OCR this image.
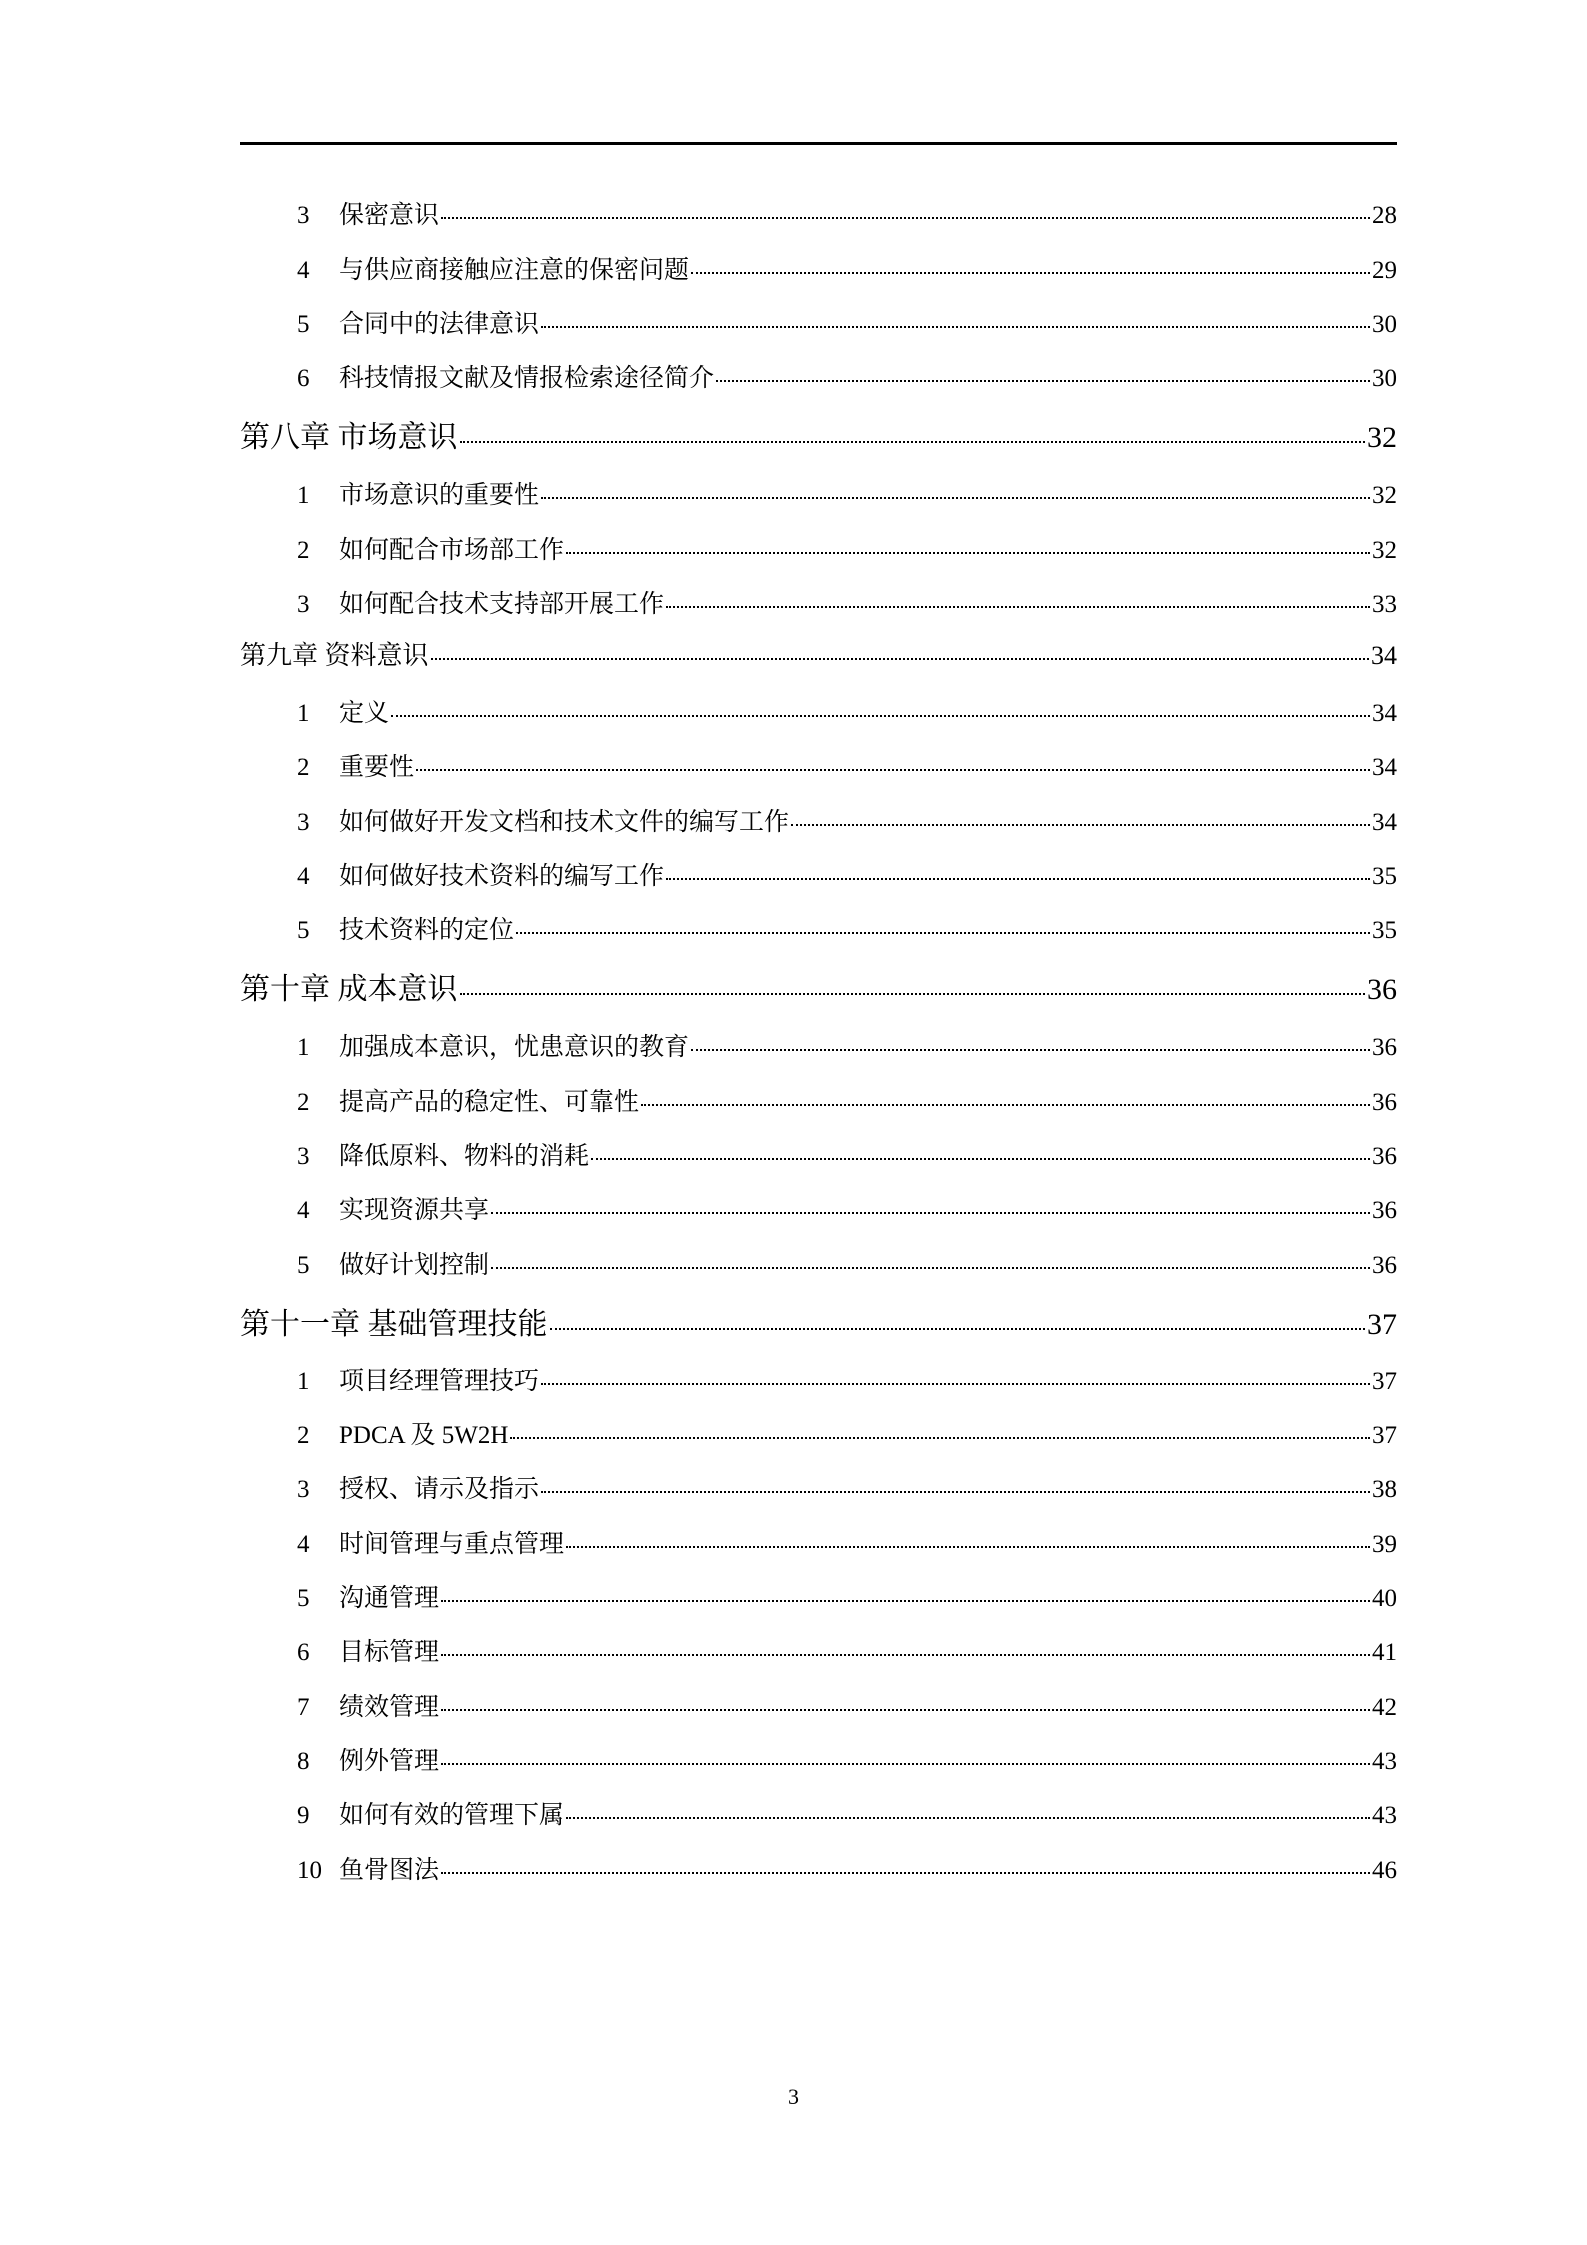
3	保密意识	28
4	与供应商接触应注意的保密问题	29
5	合同中的法律意识	30
6	科技情报文献及情报检索途径简介	30
第八章 市场意识	32
1	市场意识的重要性	32
2	如何配合市场部工作	32
3	如何配合技术支持部开展工作	33
第九章 资料意识	34
1	定义	34
2	重要性	34
3	如何做好开发文档和技术文件的编写工作	34
4	如何做好技术资料的编写工作	35
5	技术资料的定位	35
第十章 成本意识	36
1	加强成本意识，忧患意识的教育	36
2	提高产品的稳定性、可靠性	36
3	降低原料、物料的消耗	36
4	实现资源共享	36
5	做好计划控制	36
第十一章 基础管理技能	37
1	项目经理管理技巧	37
2	PDCA 及 5W2H	37
3	授权、请示及指示	38
4	时间管理与重点管理	39
5	沟通管理	40
6	目标管理	41
7	绩效管理	42
8	例外管理	43
9	如何有效的管理下属	43
10 鱼骨图法	46
3
